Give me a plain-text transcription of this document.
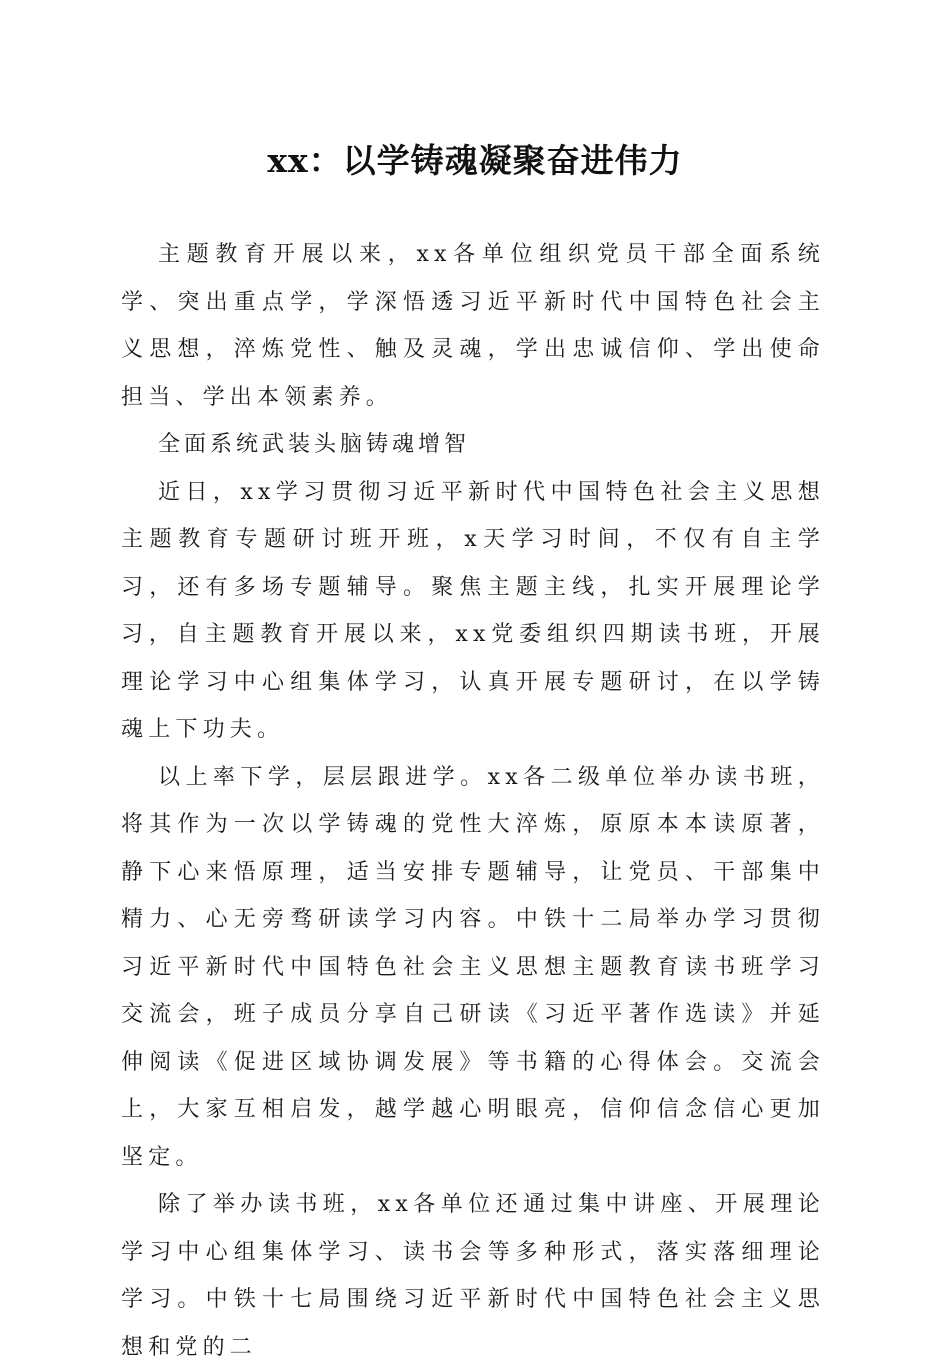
xx：以学铸魂凝聚奋进伟力

主题教育开展以来，xx各单位组织党员干部全面系统学、突出重点学，学深悟透习近平新时代中国特色社会主义思想，淬炼党性、触及灵魂，学出忠诚信仰、学出使命担当、学出本领素养。

全面系统武装头脑铸魂增智

近日，xx学习贯彻习近平新时代中国特色社会主义思想主题教育专题研讨班开班，x天学习时间，不仅有自主学习，还有多场专题辅导。聚焦主题主线，扎实开展理论学习，自主题教育开展以来，xx党委组织四期读书班，开展理论学习中心组集体学习，认真开展专题研讨，在以学铸魂上下功夫。

以上率下学，层层跟进学。xx各二级单位举办读书班，将其作为一次以学铸魂的党性大淬炼，原原本本读原著，静下心来悟原理，适当安排专题辅导，让党员、干部集中精力、心无旁骛研读学习内容。中铁十二局举办学习贯彻习近平新时代中国特色社会主义思想主题教育读书班学习交流会，班子成员分享自己研读《习近平著作选读》并延伸阅读《促进区域协调发展》等书籍的心得体会。交流会上，大家互相启发，越学越心明眼亮，信仰信念信心更加坚定。

除了举办读书班，xx各单位还通过集中讲座、开展理论学习中心组集体学习、读书会等多种形式，落实落细理论学习。中铁十七局围绕习近平新时代中国特色社会主义思想和党的二
